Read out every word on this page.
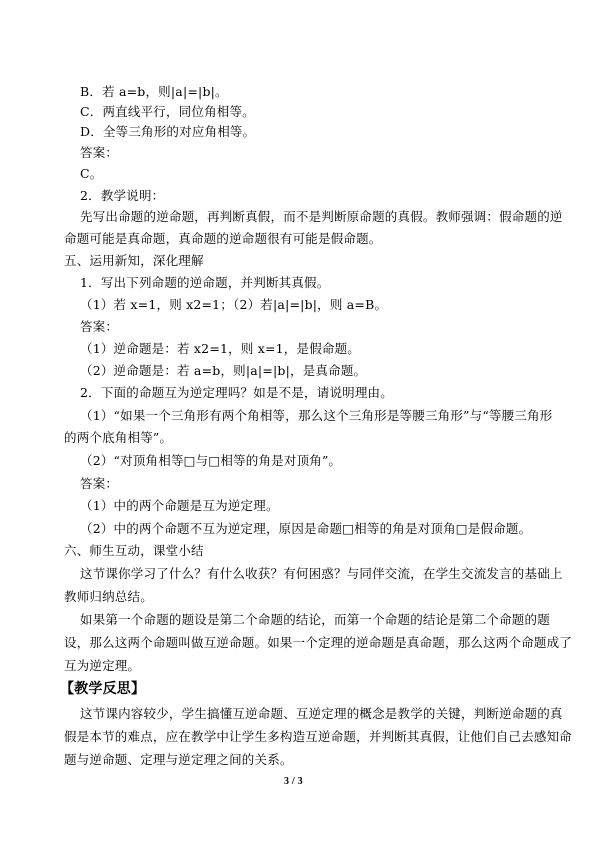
B．若 a=b，则|a|=|b|。
C．两直线平行，同位角相等。
D．全等三角形的对应角相等。
答案：
C。
2．教学说明：
先写出命题的逆命题，再判断真假，而不是判断原命题的真假。教师强调：假命题的逆
命题可能是真命题，真命题的逆命题很有可能是假命题。
五、运用新知，深化理解
1．写出下列命题的逆命题，并判断其真假。
（1）若 x=1，则 x2=1；（2）若|a|=|b|，则 a=B。
答案：
（1）逆命题是：若 x2=1，则 x=1，是假命题。
（2）逆命题是：若 a=b，则|a|=|b|，是真命题。
2．下面的命题互为逆定理吗？如是不是，请说明理由。
（1）“如果一个三角形有两个角相等，那么这个三角形是等腰三角形”与“等腰三角形
的两个底角相等”。
（2）“对顶角相等□与□相等的角是对顶角”。
答案：
（1）中的两个命题是互为逆定理。
（2）中的两个命题不互为逆定理，原因是命题□相等的角是对顶角□是假命题。
六、师生互动，课堂小结
这节课你学习了什么？有什么收获？有何困惑？与同伴交流，在学生交流发言的基础上
教师归纳总结。
如果第一个命题的题设是第二个命题的结论，而第一个命题的结论是第二个命题的题
设，那么这两个命题叫做互逆命题。如果一个定理的逆命题是真命题，那么这两个命题成了
互为逆定理。
【教学反思】
这节课内容较少，学生搞懂互逆命题、互逆定理的概念是教学的关键，判断逆命题的真
假是本节的难点，应在教学中让学生多构造互逆命题，并判断其真假，让他们自己去感知命
题与逆命题、定理与逆定理之间的关系。
3 / 3
